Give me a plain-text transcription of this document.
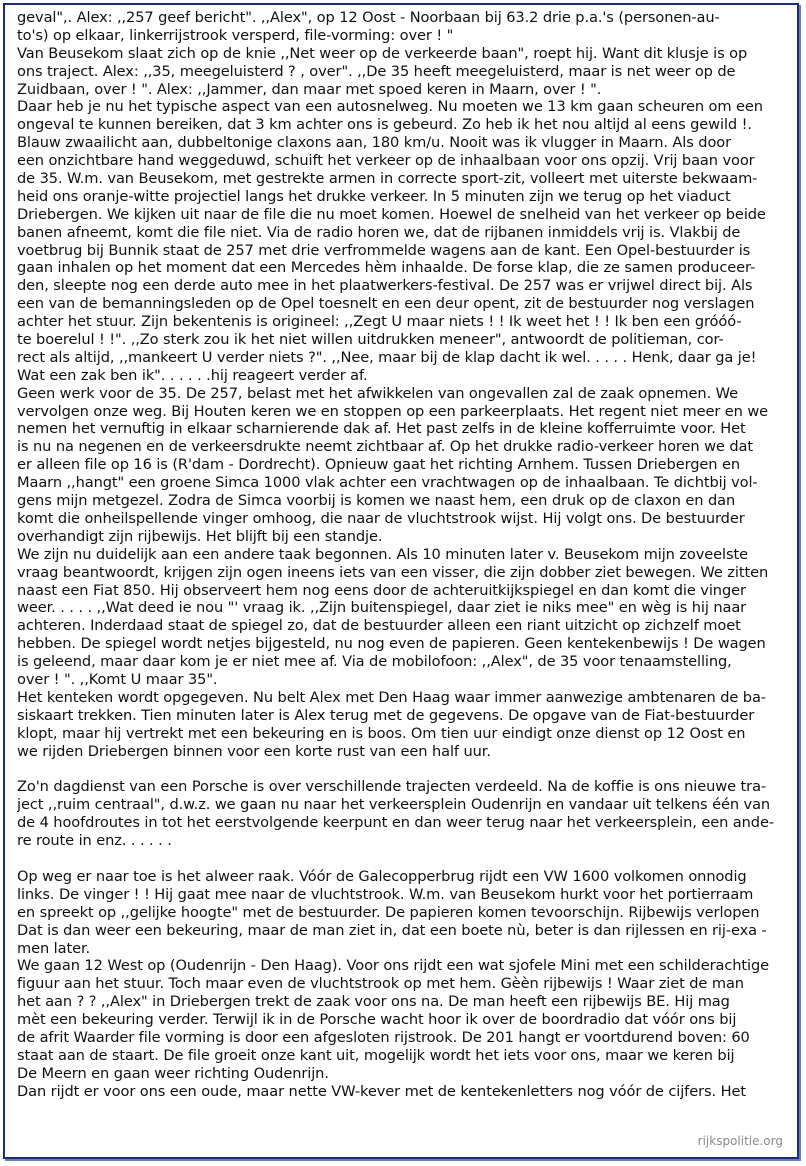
geval",. Alex: ,,257 geef bericht". ,,Alex", op 12 Oost - Noorbaan bij 63.2 drie p.a.'s (personen-au-
to's) op elkaar, linkerrijstrook versperd, file-vorming: over ! "
Van Beusekom slaat zich op de knie ,,Net weer op de verkeerde baan", roept hij. Want dit klusje is op
ons traject. Alex: ,,35, meegeluisterd ? , over". ,,De 35 heeft meegeluisterd, maar is net weer op de
Zuidbaan, over ! ". Alex: ,,Jammer, dan maar met spoed keren in Maarn, over ! ".
Daar heb je nu het typische aspect van een autosnelweg. Nu moeten we 13 km gaan scheuren om een
ongeval te kunnen bereiken, dat 3 km achter ons is gebeurd. Zo heb ik het nou altijd al eens gewild !.
Blauw zwaailicht aan, dubbeltonige claxons aan, 180 km/u. Nooit was ik vlugger in Maarn. Als door
een onzichtbare hand weggeduwd, schuift het verkeer op de inhaalbaan voor ons opzij. Vrij baan voor
de 35. W.m. van Beusekom, met gestrekte armen in correcte sport-zit, volleert met uiterste bekwaam-
heid ons oranje-witte projectiel langs het drukke verkeer. In 5 minuten zijn we terug op het viaduct
Driebergen. We kijken uit naar de file die nu moet komen. Hoewel de snelheid van het verkeer op beide
banen afneemt, komt die file niet. Via de radio horen we, dat de rijbanen inmiddels vrij is. Vlakbij de
voetbrug bij Bunnik staat de 257 met drie verfrommelde wagens aan de kant. Een Opel-bestuurder is
gaan inhalen op het moment dat een Mercedes hèm inhaalde. De forse klap, die ze samen produceer-
den, sleepte nog een derde auto mee in het plaatwerkers-festival. De 257 was er vrijwel direct bij. Als
een van de bemanningsleden op de Opel toesnelt en een deur opent, zit de bestuurder nog verslagen
achter het stuur. Zijn bekentenis is origineel: ,,Zegt U maar niets ! ! Ik weet het ! ! Ik ben een gróóó-
te boerelul ! !". ,,Zo sterk zou ik het niet willen uitdrukken meneer", antwoordt de politieman, cor-
rect als altijd, ,,mankeert U verder niets ?". ,,Nee, maar bij de klap dacht ik wel. . . . . Henk, daar ga je!
Wat een zak ben ik". . . . . .hij reageert verder af.
Geen werk voor de 35. De 257, belast met het afwikkelen van ongevallen zal de zaak opnemen. We
vervolgen onze weg. Bij Houten keren we en stoppen op een parkeerplaats. Het regent niet meer en we
nemen het vernuftig in elkaar scharnierende dak af. Het past zelfs in de kleine kofferruimte voor. Het
is nu na negenen en de verkeersdrukte neemt zichtbaar af. Op het drukke radio-verkeer horen we dat
er alleen file op 16 is (R'dam - Dordrecht). Opnieuw gaat het richting Arnhem. Tussen Driebergen en
Maarn ,,hangt" een groene Simca 1000 vlak achter een vrachtwagen op de inhaalbaan. Te dichtbij vol-
gens mijn metgezel. Zodra de Simca voorbij is komen we naast hem, een druk op de claxon en dan
komt die onheilspellende vinger omhoog, die naar de vluchtstrook wijst. Hij volgt ons. De bestuurder
overhandigt zijn rijbewijs. Het blijft bij een standje.
We zijn nu duidelijk aan een andere taak begonnen. Als 10 minuten later v. Beusekom mijn zoveelste
vraag beantwoordt, krijgen zijn ogen ineens iets van een visser, die zijn dobber ziet bewegen. We zitten
naast een Fiat 850. Hij observeert hem nog eens door de achteruitkijkspiegel en dan komt die vinger
weer. . . . . ,,Wat deed ie nou "' vraag ik. ,,Zijn buitenspiegel, daar ziet ie niks mee" en wèg is hij naar
achteren. Inderdaad staat de spiegel zo, dat de bestuurder alleen een riant uitzicht op zichzelf moet
hebben. De spiegel wordt netjes bijgesteld, nu nog even de papieren. Geen kentekenbewijs ! De wagen
is geleend, maar daar kom je er niet mee af. Via de mobilofoon: ,,Alex", de 35 voor tenaamstelling,
over ! ". ,,Komt U maar 35".
Het kenteken wordt opgegeven. Nu belt Alex met Den Haag waar immer aanwezige ambtenaren de ba-
siskaart trekken. Tien minuten later is Alex terug met de gegevens. De opgave van de Fiat-bestuurder
klopt, maar hij vertrekt met een bekeuring en is boos. Om tien uur eindigt onze dienst op 12 Oost en
we rijden Driebergen binnen voor een korte rust van een half uur.
Zo'n dagdienst van een Porsche is over verschillende trajecten verdeeld. Na de koffie is ons nieuwe tra-
ject ,,ruim centraal", d.w.z. we gaan nu naar het verkeersplein Oudenrijn en vandaar uit telkens één van
de 4 hoofdroutes in tot het eerstvolgende keerpunt en dan weer terug naar het verkeersplein, een ande-
re route in enz. . . . . .
Op weg er naar toe is het alweer raak. Vóór de Galecopperbrug rijdt een VW 1600 volkomen onnodig
links. De vinger ! ! Hij gaat mee naar de vluchtstrook. W.m. van Beusekom hurkt voor het portierraam
en spreekt op ,,gelijke hoogte" met de bestuurder. De papieren komen tevoorschijn. Rijbewijs verlopen
Dat is dan weer een bekeuring, maar de man ziet in, dat een boete nù, beter is dan rijlessen en rij-exa -
men later.
We gaan 12 West op (Oudenrijn - Den Haag). Voor ons rijdt een wat sjofele Mini met een schilderachtige
figuur aan het stuur. Toch maar even de vluchtstrook op met hem. Gèèn rijbewijs ! Waar ziet de man
het aan ? ? ,,Alex" in Driebergen trekt de zaak voor ons na. De man heeft een rijbewijs BE. Hij mag
mèt een bekeuring verder. Terwijl ik in de Porsche wacht hoor ik over de boordradio dat vóór ons bij
de afrit Waarder file vorming is door een afgesloten rijstrook. De 201 hangt er voortdurend boven: 60
staat aan de staart. De file groeit onze kant uit, mogelijk wordt het iets voor ons, maar we keren bij
De Meern en gaan weer richting Oudenrijn.
Dan rijdt er voor ons een oude, maar nette VW-kever met de kentekenletters nog vóór de cijfers. Het
rijkspolitie.org
